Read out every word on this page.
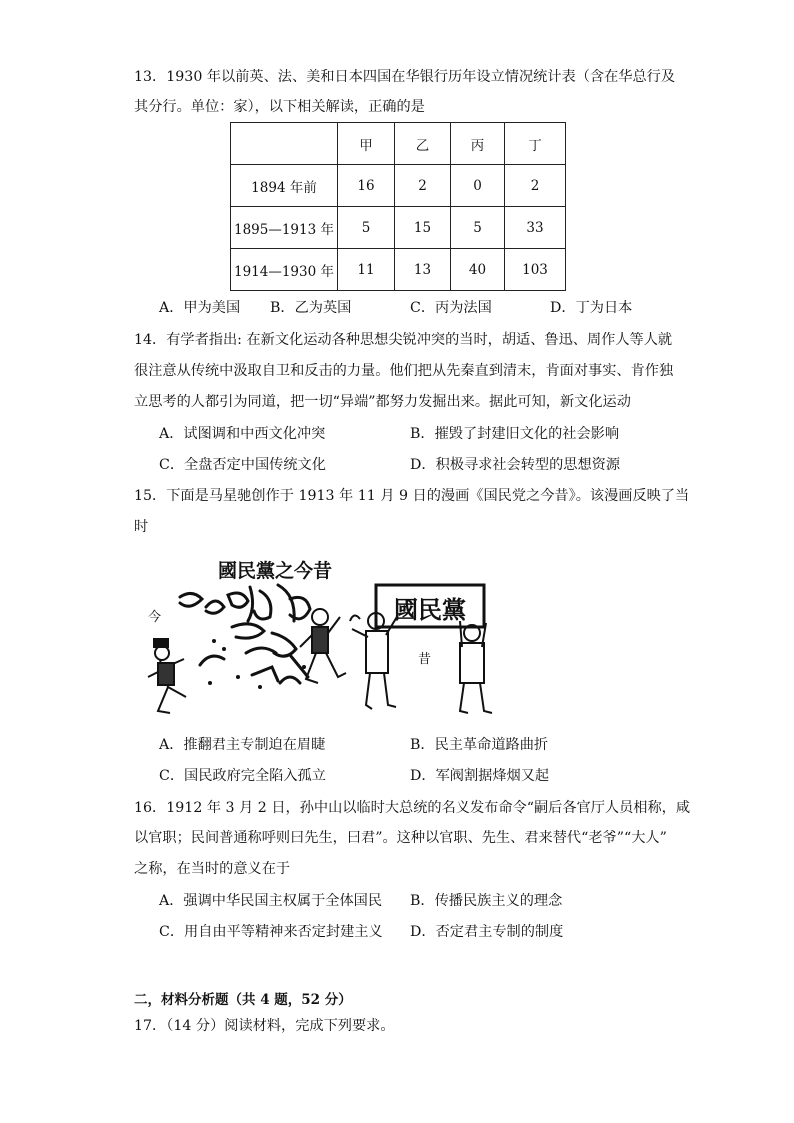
13．1930 年以前英、法、美和日本四国在华银行历年设立情况统计表（含在华总行及
其分行。单位：家），以下相关解读，正确的是
	甲	乙	丙	丁
1894 年前	16	2	0	2
1895—1913 年	5	15	5	33
1914—1930 年	11	13	40	103
A．甲为美国 B．乙为英国	C．丙为法国	D．丁为日本
14．有学者指出: 在新文化运动各种思想尖锐冲突的当时，胡适、鲁迅、周作人等人就
很注意从传统中汲取自卫和反击的力量。他们把从先秦直到清末，肯面对事实、肯作独
立思考的人都引为同道，把一切“异端”都努力发掘出来。据此可知，新文化运动
A．试图调和中西文化冲突	B．摧毁了封建旧文化的社会影响
C．全盘否定中国传统文化	D．积极寻求社会转型的思想资源
15．下面是马星驰创作于 1913 年 11 月 9 日的漫画《国民党之今昔》。该漫画反映了当
时
國民黨之今昔
今	國民黨
昔
A．推翻君主专制迫在眉睫	B．民主革命道路曲折
C．国民政府完全陷入孤立	D．军阀割据烽烟又起
16．1912 年 3 月 2 日，孙中山以临时大总统的名义发布命令“嗣后各官厅人员相称，咸
以官职；民间普通称呼则曰先生，曰君”。这种以官职、先生、君来替代“老爷”“大人”
之称，在当时的意义在于
A．强调中华民国主权属于全体国民 B．传播民族主义的理念
C．用自由平等精神来否定封建主义 D．否定君主专制的制度
二，材料分析题（共 4 题，52 分）
17．（14 分）阅读材料，完成下列要求。
